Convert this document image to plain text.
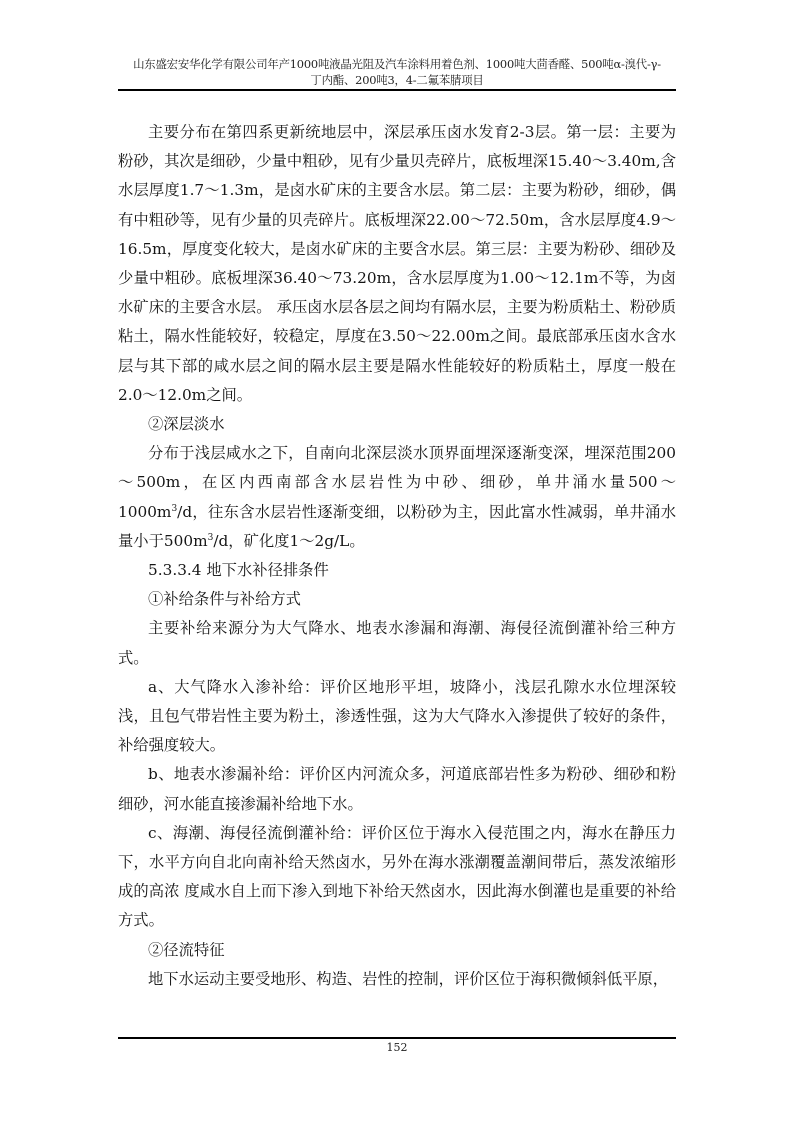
山东盛宏安华化学有限公司年产1000吨液晶光阻及汽车涂料用着色剂、1000吨大茴香醛、500吨α-溴代-γ-
丁内酯、200吨3，4-二氟苯腈项目

主要分布在第四系更新统地层中，深层承压卤水发育2-3层。第一层：主要为粉砂，其次是细砂，少量中粗砂，见有少量贝壳碎片，底板埋深15.40～3.40m,含水层厚度1.7～1.3m，是卤水矿床的主要含水层。第二层：主要为粉砂，细砂，偶有中粗砂等，见有少量的贝壳碎片。底板埋深22.00～72.50m，含水层厚度4.9～16.5m，厚度变化较大，是卤水矿床的主要含水层。第三层：主要为粉砂、细砂及少量中粗砂。底板埋深36.40～73.20m，含水层厚度为1.00～12.1m不等，为卤水矿床的主要含水层。 承压卤水层各层之间均有隔水层，主要为粉质粘土、粉砂质粘土，隔水性能较好，较稳定，厚度在3.50～22.00m之间。最底部承压卤水含水层与其下部的咸水层之间的隔水层主要是隔水性能较好的粉质粘土，厚度一般在2.0～12.0m之间。

②深层淡水

分布于浅层咸水之下，自南向北深层淡水顶界面埋深逐渐变深，埋深范围200～500m，在区内西南部含水层岩性为中砂、细砂，单井涌水量$500\sim 1000m^3/d$，往东含水层岩性逐渐变细，以粉砂为主，因此富水性减弱，单井涌水量小于$500m^3/d$，矿化度1～2g/L。

5.3.3.4 地下水补径排条件

①补给条件与补给方式

主要补给来源分为大气降水、地表水渗漏和海潮、海侵径流倒灌补给三种方式。

a、大气降水入渗补给：评价区地形平坦，坡降小，浅层孔隙水水位埋深较浅，且包气带岩性主要为粉土，渗透性强，这为大气降水入渗提供了较好的条件，补给强度较大。

b、地表水渗漏补给：评价区内河流众多，河道底部岩性多为粉砂、细砂和粉细砂，河水能直接渗漏补给地下水。

c、海潮、海侵径流倒灌补给：评价区位于海水入侵范围之内，海水在静压力下，水平方向自北向南补给天然卤水，另外在海水涨潮覆盖潮间带后，蒸发浓缩形成的高浓 度咸水自上而下渗入到地下补给天然卤水，因此海水倒灌也是重要的补给方式。

②径流特征

地下水运动主要受地形、构造、岩性的控制，评价区位于海积微倾斜低平原，

152
